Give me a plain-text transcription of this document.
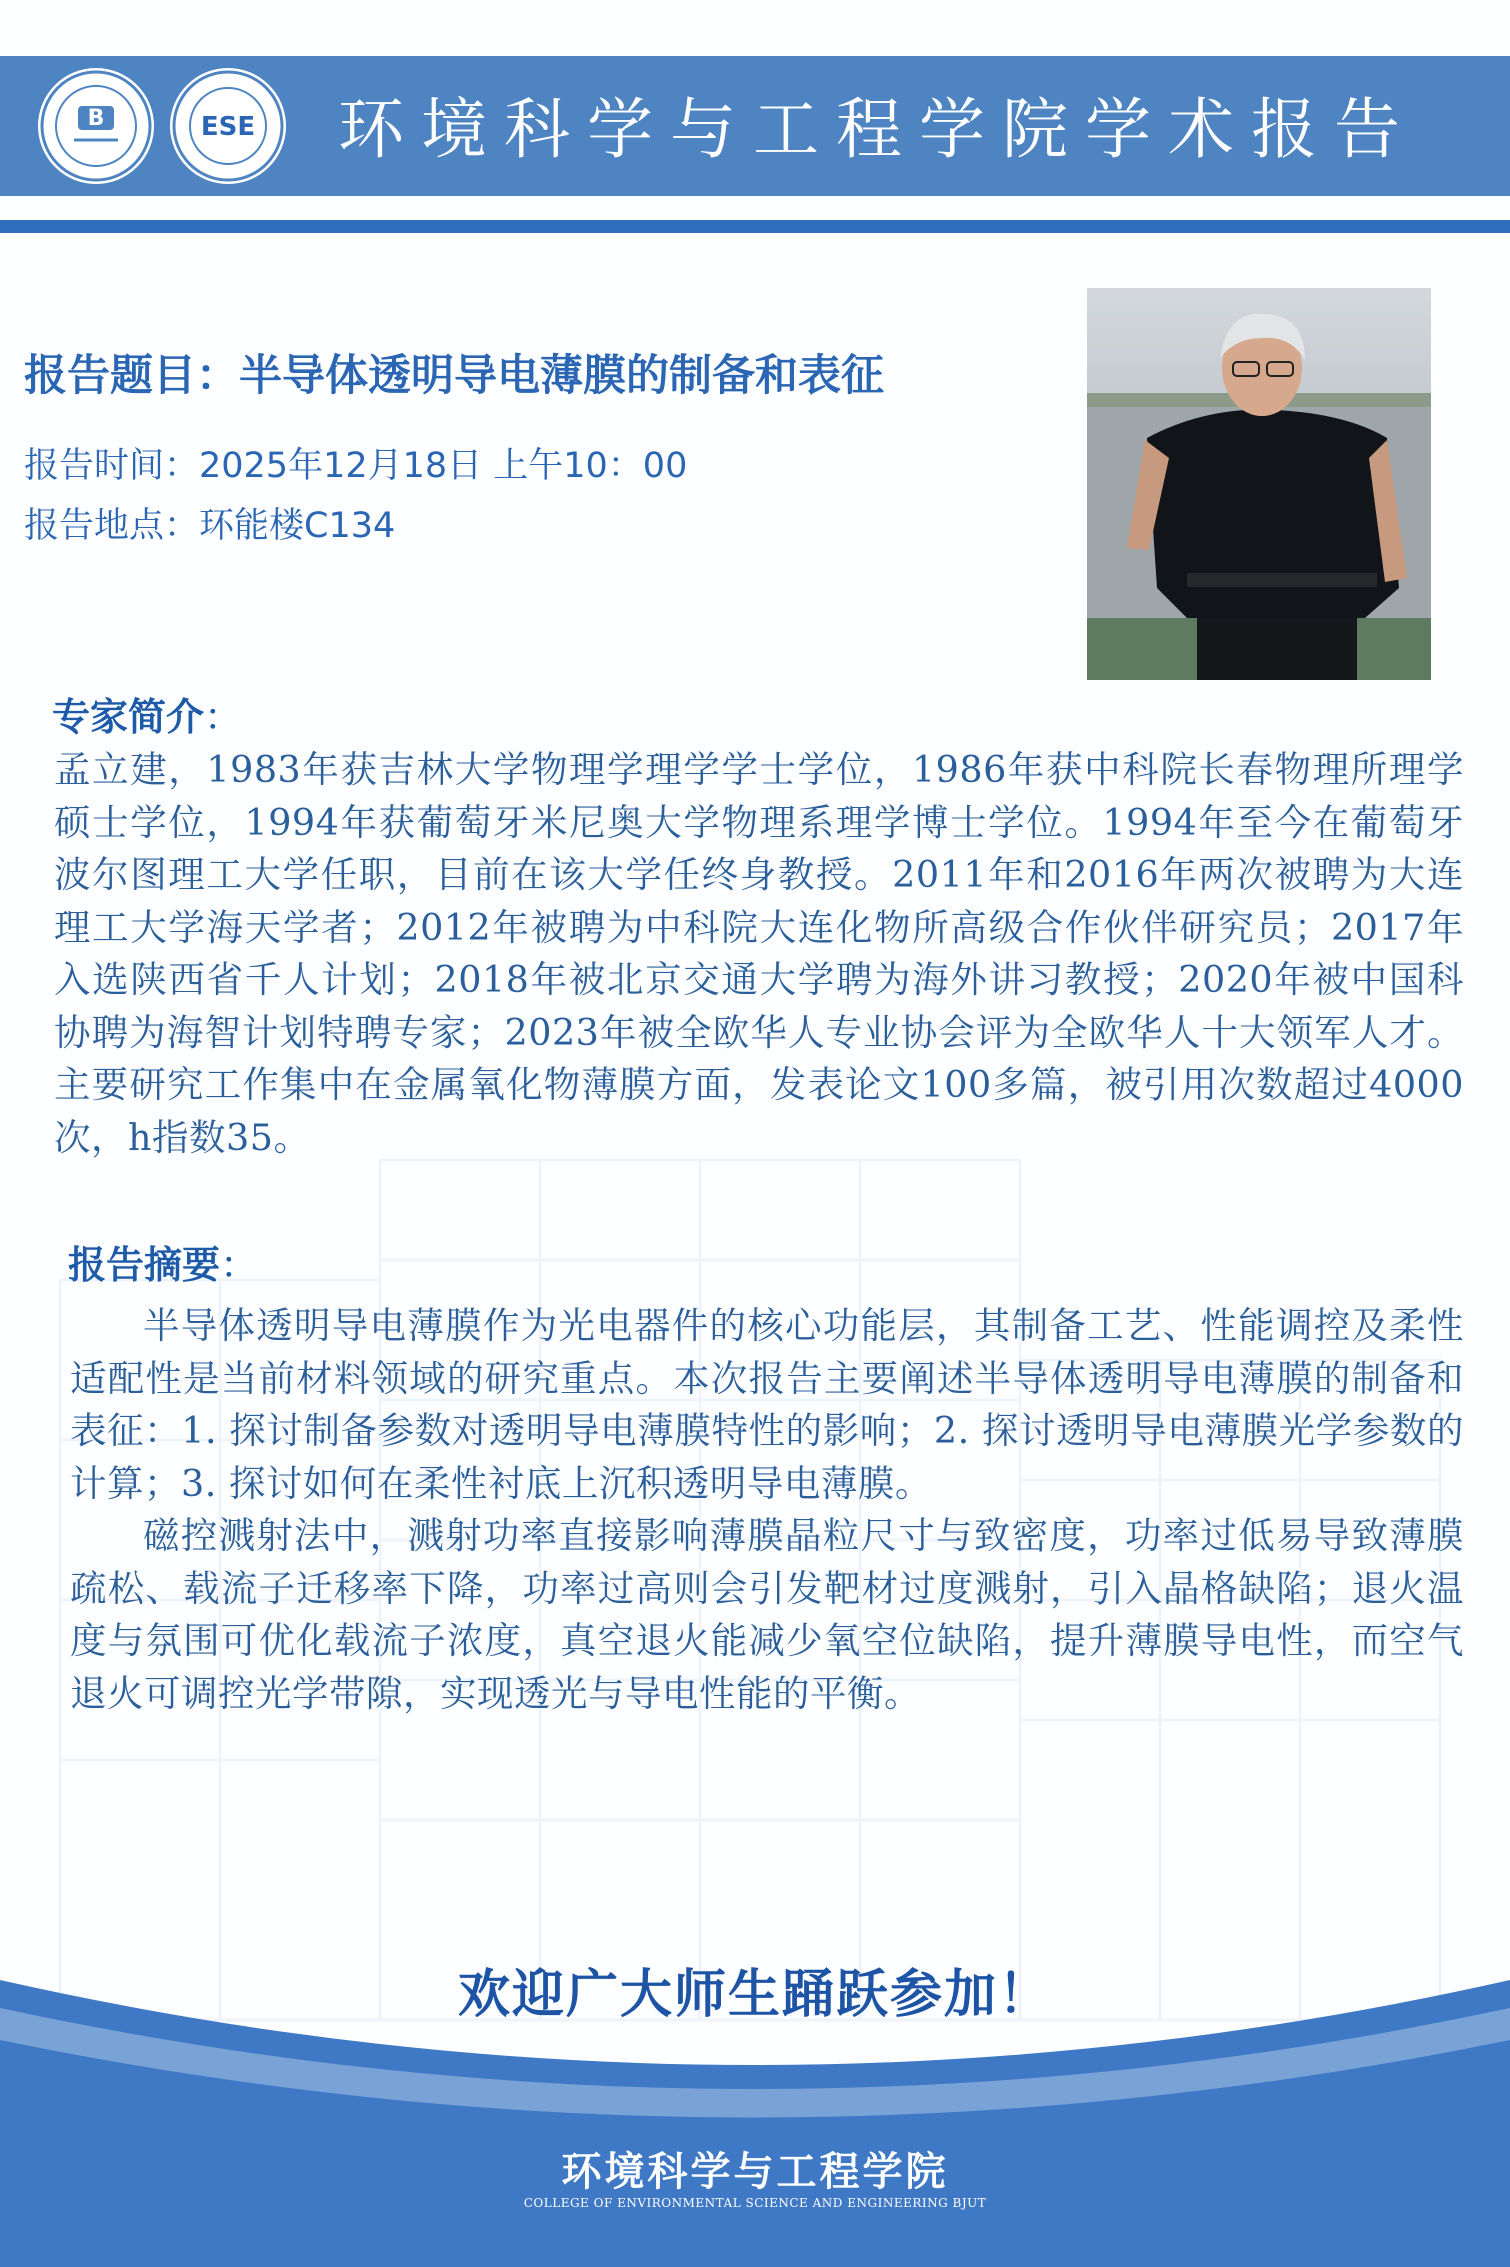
B	ESE 环境科学与工程学院学术报告
报告题目：半导体透明导电薄膜的制备和表征
报告时间：2025年12月18日 上午10：00
报告地点：环能楼C134
专家简介：
孟立建，1983年获吉林大学物理学理学学士学位，1986年获中科院长春物理所理学硕士学位，1994年获葡萄牙米尼奥大学物理系理学博士学位。1994年至今在葡萄牙波尔图理工大学任职，目前在该大学任终身教授。2011年和2016年两次被聘为大连理工大学海天学者；2012年被聘为中科院大连化物所高级合作伙伴研究员；2017年入选陕西省千人计划；2018年被北京交通大学聘为海外讲习教授；2020年被中国科协聘为海智计划特聘专家；2023年被全欧华人专业协会评为全欧华人十大领军人才。主要研究工作集中在金属氧化物薄膜方面，发表论文100多篇，被引用次数超过4000次，h指数35。
报告摘要：

半导体透明导电薄膜作为光电器件的核心功能层，其制备工艺、性能调控及柔性适配性是当前材料领域的研究重点。本次报告主要阐述半导体透明导电薄膜的制备和表征：1. 探讨制备参数对透明导电薄膜特性的影响；2. 探讨透明导电薄膜光学参数的计算；3. 探讨如何在柔性衬底上沉积透明导电薄膜。

磁控溅射法中，溅射功率直接影响薄膜晶粒尺寸与致密度，功率过低易导致薄膜疏松、载流子迁移率下降，功率过高则会引发靶材过度溅射，引入晶格缺陷；退火温度与氛围可优化载流子浓度，真空退火能减少氧空位缺陷，提升薄膜导电性，而空气退火可调控光学带隙，实现透光与导电性能的平衡。

欢迎广大师生踊跃参加！
环境科学与工程学院
COLLEGE OF ENVIRONMENTAL SCIENCE AND ENGINEERING BJUT
